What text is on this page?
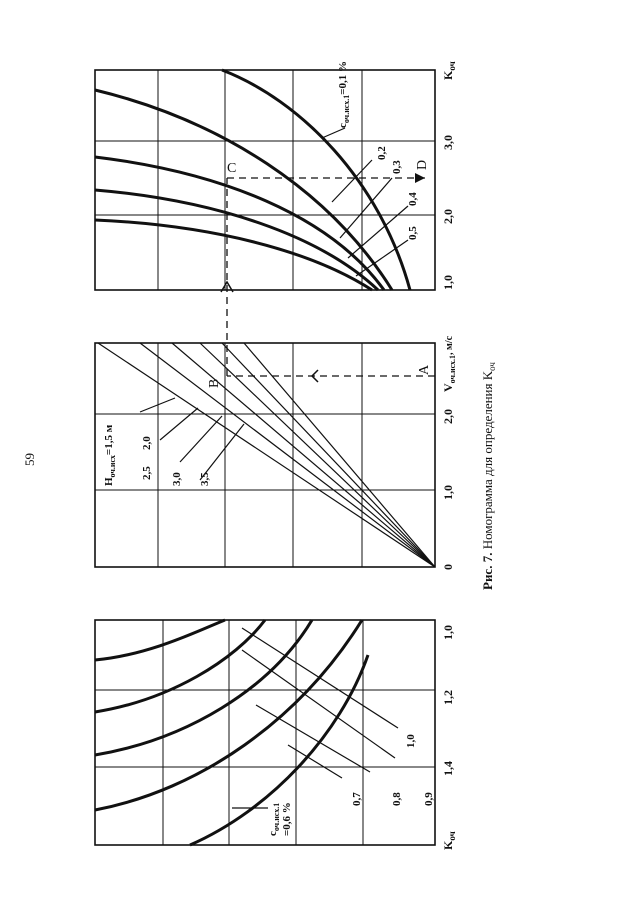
59
C	D
0,2
0,3
0,4
0,5
$c_{оч.исх.1}=0,1$ %
1,0
2,0
3,0
$K_{оч}$
$H_{оч.исх}=1,5$ м 2,0
2,5 3,0 3,5
A
B
0
1,0
2,0
$V_{оч.исх.1}^{, м/с}$
0,7	0,8 0,9
1,0
$c_{оч.исх.1} =0,6$ %
1,0
1,2
1,4
$K_{оч}$
Рис. 7. Номограмма для определения $K_{оч}$
